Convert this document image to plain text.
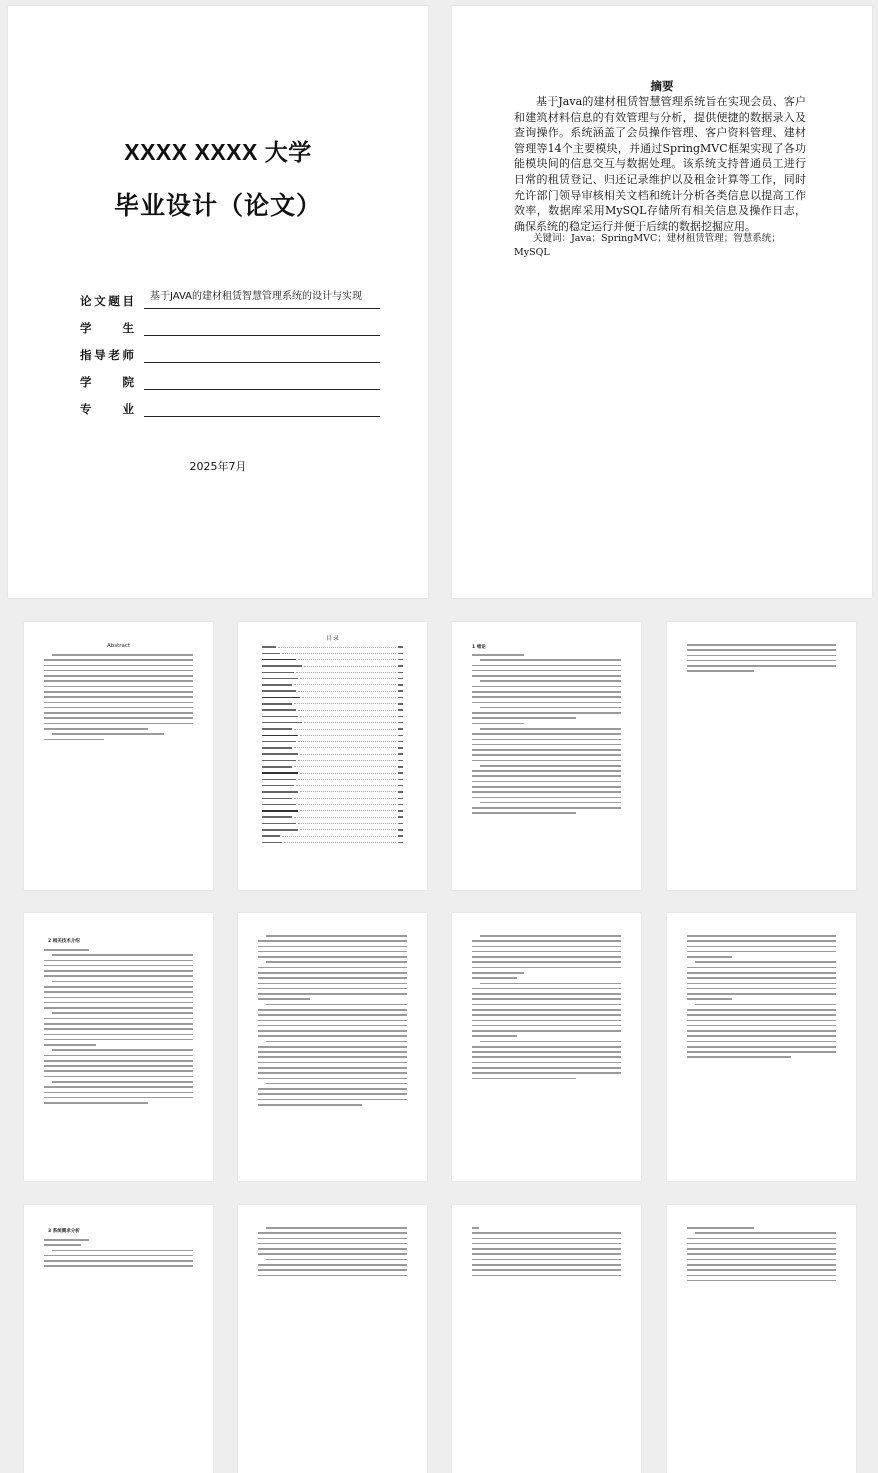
XXXX XXXX 大学
毕业设计（论文）
论文题目	基于JAVA的建材租赁智慧管理系统的设计与实现
学生
指导老师
学院
专业
2025年7月
摘要
基于Java的建材租赁智慧管理系统旨在实现会员、客户和建筑材料信息的有效管理与分析，提供便捷的数据录入及查询操作。系统涵盖了会员操作管理、客户资料管理、建材管理等14个主要模块，并通过SpringMVC框架实现了各功能模块间的信息交互与数据处理。该系统支持普通员工进行日常的租赁登记、归还记录维护以及租金计算等工作，同时允许部门领导审核相关文档和统计分析各类信息以提高工作效率，数据库采用MySQL存储所有相关信息及操作日志，确保系统的稳定运行并便于后续的数据挖掘应用。
关键词：Java；SpringMVC；建材租赁管理；智慧系统；MySQL
Abstract
目 录
1 绪论
2 相关技术介绍
3 系统需求分析
